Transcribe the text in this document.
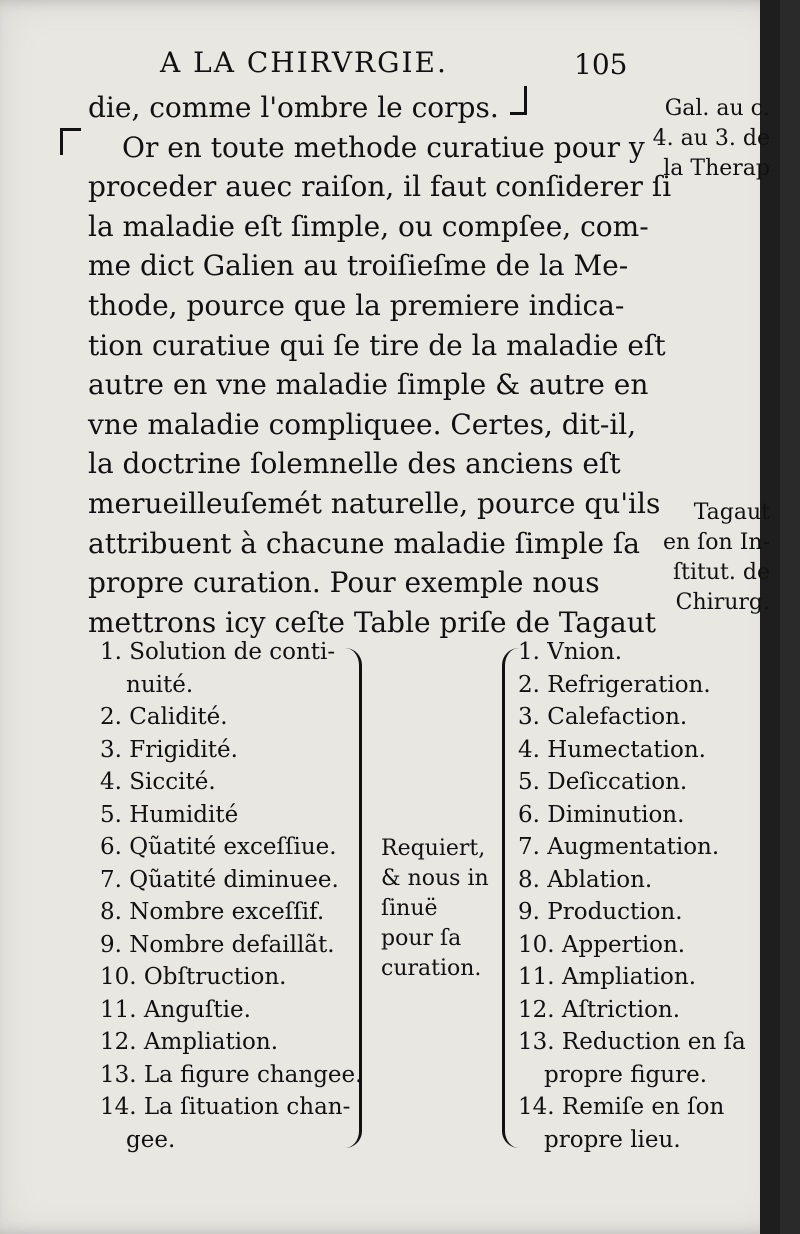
A LA CHIRVRGIE.	105
die, comme l'ombre le corps.
Or en toute methode curatiue pour y
proceder auec raiſon, il faut conſiderer ſi
la maladie eſt ſimple, ou compſee, com-
me dict Galien au troiſieſme de la Me-
thode, pource que la premiere indica-
tion curatiue qui ſe tire de la maladie eſt
autre en vne maladie ſimple & autre en
vne maladie compliquee. Certes, dit-il,
la doctrine ſolemnelle des anciens eſt
merueilleuſemét naturelle, pource qu'ils
attribuent à chacune maladie ſimple ſa
propre curation. Pour exemple nous
mettrons icy ceſte Table priſe de Tagaut
Gal. au c.
4. au 3. de
la Therap
Tagaut
en ſon In-
ſtitut. de
Chirurg.
1. Solution de conti-
nuité.
2. Calidité.
3. Frigidité.
4. Siccité.
5. Humidité
6. Qũatité exceſſiue.
7. Qũatité diminuee.
8. Nombre exceſſif.
9. Nombre defaillãt.
10. Obſtruction.
11. Anguſtie.
12. Ampliation.
13. La figure changee.
14. La ſituation chan-
gee.
Requiert,
& nous in
ſinuë
pour ſa
curation.
1. Vnion.
2. Refrigeration.
3. Calefaction.
4. Humectation.
5. Deſiccation.
6. Diminution.
7. Augmentation.
8. Ablation.
9. Production.
10. Appertion.
11. Ampliation.
12. Aſtriction.
13. Reduction en ſa
propre figure.
14. Remiſe en ſon
propre lieu.
